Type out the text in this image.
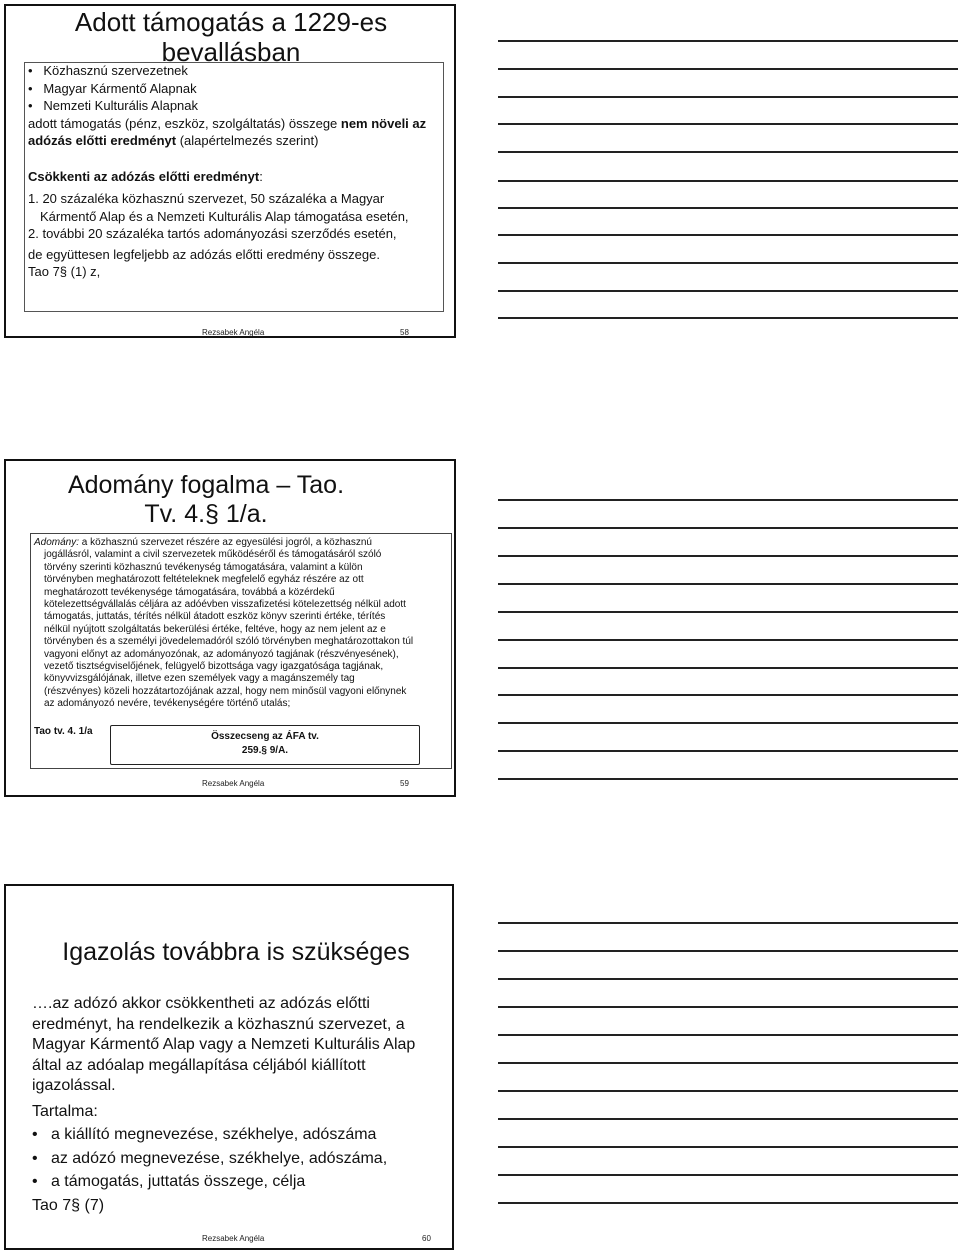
Adott támogatás a 1229-es bevallásban
•   Közhasznú szervezetnek
•   Magyar Kármentő Alapnak
•   Nemzeti Kulturális Alapnak

adott támogatás (pénz, eszköz, szolgáltatás) összege nem növeli az adózás előtti eredményt (alapértelmezés szerint)

Csökkenti az adózás előtti eredményt:

1. 20 százaléka közhasznú szervezet, 50 százaléka a Magyar Kármentő Alap és a Nemzeti Kulturális Alap támogatása esetén,

2. további 20 százaléka tartós adományozási szerződés esetén,

de együttesen legfeljebb az adózás előtti eredmény összege.

Tao 7§ (1) z,

Rezsabek Angéla	58
Adomány fogalma – Tao. Tv. 4.§ 1/a.

Adomány: a közhasznú szervezet részére az egyesülési jogról, a közhasznú jogállásról, valamint a civil szervezetek működéséről és támogatásáról szóló törvény szerinti közhasznú tevékenység támogatására, valamint a külön törvényben meghatározott feltételeknek megfelelő egyház részére az ott meghatározott tevékenysége támogatására, továbbá a közérdekű kötelezettségvállalás céljára az adóévben visszafizetési kötelezettség nélkül adott támogatás, juttatás, térítés nélkül átadott eszköz könyv szerinti értéke, térítés nélkül nyújtott szolgáltatás bekerülési értéke, feltéve, hogy az nem jelent az e törvényben és a személyi jövedelemadóról szóló törvényben meghatározottakon túl vagyoni előnyt az adományozónak, az adományozó tagjának (részvényesének), vezető tisztségviselőjének, felügyelő bizottsága vagy igazgatósága tagjának, könyvvizsgálójának, illetve ezen személyek vagy a magánszemély tag (részvényes) közeli hozzátartozójának azzal, hogy nem minősül vagyoni előnynek az adományozó nevére, tevékenységére történő utalás;

Tao tv. 4. 1/a	Összecseng az ÁFA tv. 259.§ 9/A.
Rezsabek Angéla	59
Igazolás továbbra is szükséges

….az adózó akkor csökkentheti az adózás előtti eredményt, ha rendelkezik a közhasznú szervezet, a Magyar Kármentő Alap vagy a Nemzeti Kulturális Alap által az adóalap megállapítása céljából kiállított igazolással.

Tartalma:

•   a kiállító megnevezése, székhelye, adószáma
•   az adózó megnevezése, székhelye, adószáma,
•   a támogatás, juttatás összege, célja

Tao 7§ (7)

Rezsabek Angéla	60
